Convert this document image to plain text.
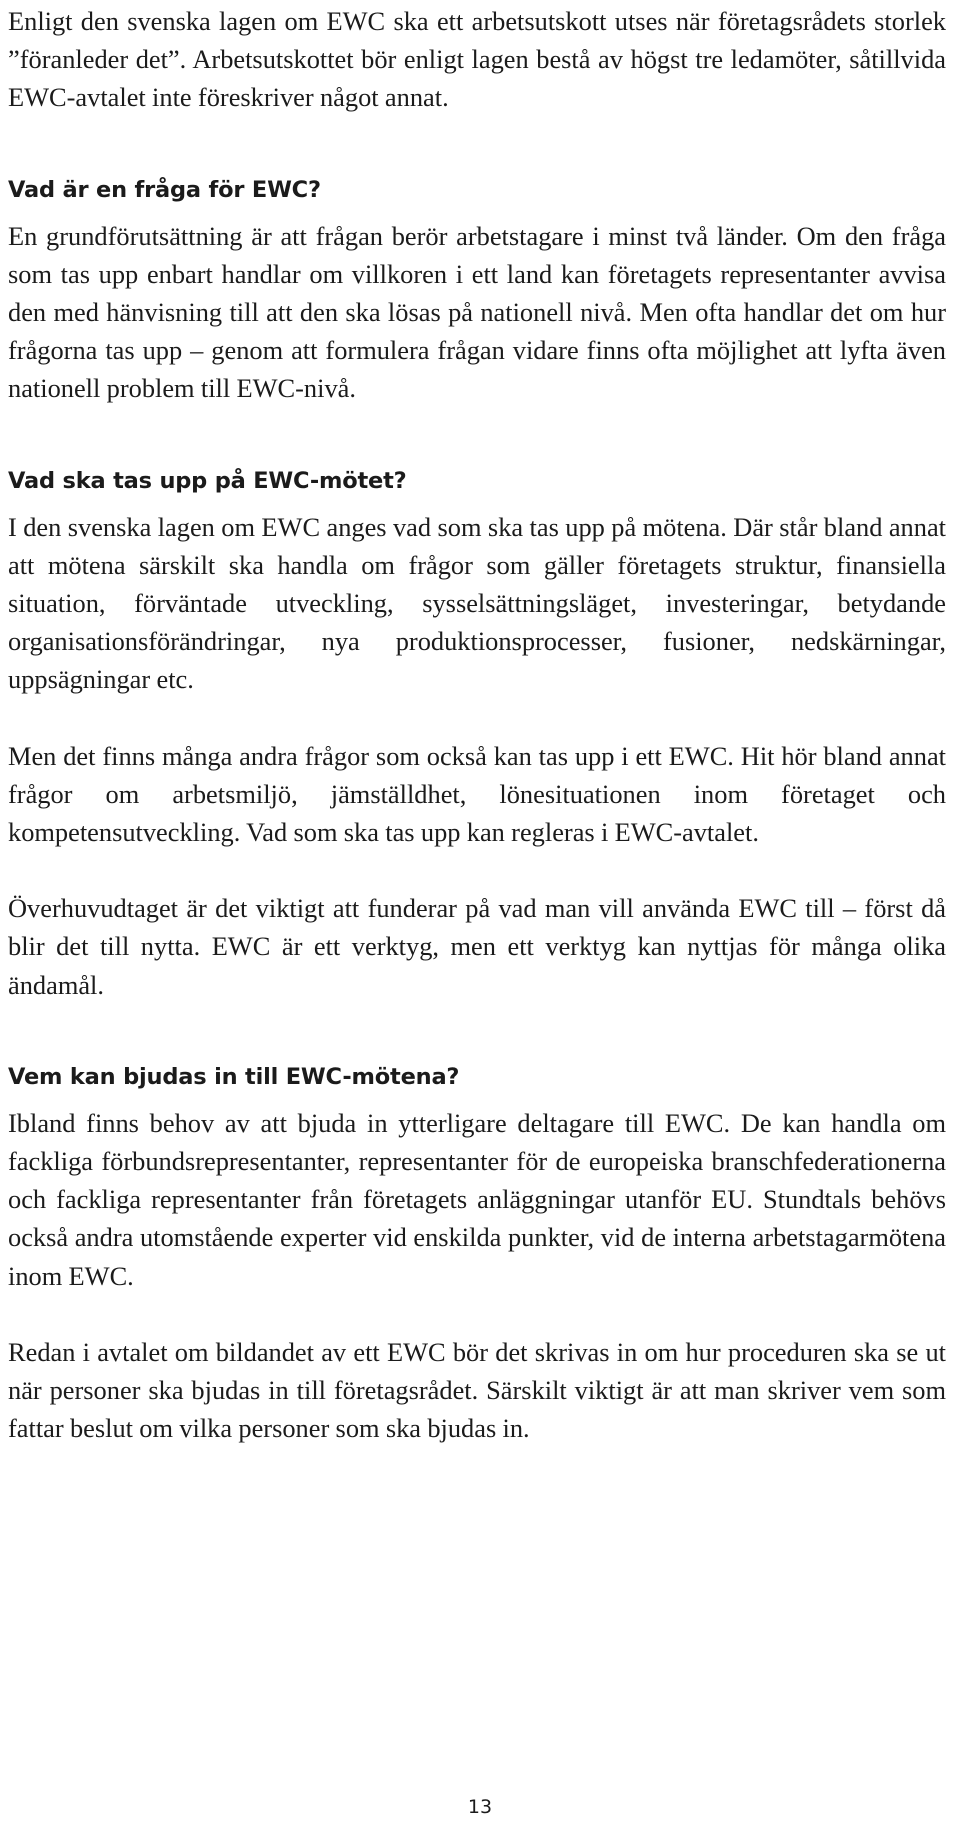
Enligt den svenska lagen om EWC ska ett arbetsutskott utses när företagsrådets storlek ”föranleder det”. Arbetsutskottet bör enligt lagen bestå av högst tre ledamöter, såtillvida EWC-avtalet inte föreskriver något annat.

Vad är en fråga för EWC?

En grundförutsättning är att frågan berör arbetstagare i minst två länder. Om den fråga som tas upp enbart handlar om villkoren i ett land kan företagets representanter avvisa den med hänvisning till att den ska lösas på nationell nivå. Men ofta handlar det om hur frågorna tas upp – genom att formulera frågan vidare finns ofta möjlighet att lyfta även nationell problem till EWC-nivå.

Vad ska tas upp på EWC-mötet?

I den svenska lagen om EWC anges vad som ska tas upp på mötena. Där står bland annat att mötena särskilt ska handla om frågor som gäller företagets struktur, finansiella situation, förväntade utveckling, sysselsättningsläget, investeringar, betydande organisationsförändringar, nya produktionsprocesser, fusioner, nedskärningar, uppsägningar etc.

Men det finns många andra frågor som också kan tas upp i ett EWC. Hit hör bland annat frågor om arbetsmiljö, jämställdhet, lönesituationen inom företaget och kompetensutveckling. Vad som ska tas upp kan regleras i EWC-avtalet.

Överhuvudtaget är det viktigt att funderar på vad man vill använda EWC till – först då blir det till nytta. EWC är ett verktyg, men ett verktyg kan nyttjas för många olika ändamål.

Vem kan bjudas in till EWC-mötena?

Ibland finns behov av att bjuda in ytterligare deltagare till EWC. De kan handla om fackliga förbundsrepresentanter, representanter för de europeiska branschfederationerna och fackliga representanter från företagets anläggningar utanför EU. Stundtals behövs också andra utomstående experter vid enskilda punkter, vid de interna arbetstagarmötena inom EWC.

Redan i avtalet om bildandet av ett EWC bör det skrivas in om hur proceduren ska se ut när personer ska bjudas in till företagsrådet. Särskilt viktigt är att man skriver vem som fattar beslut om vilka personer som ska bjudas in.

13
